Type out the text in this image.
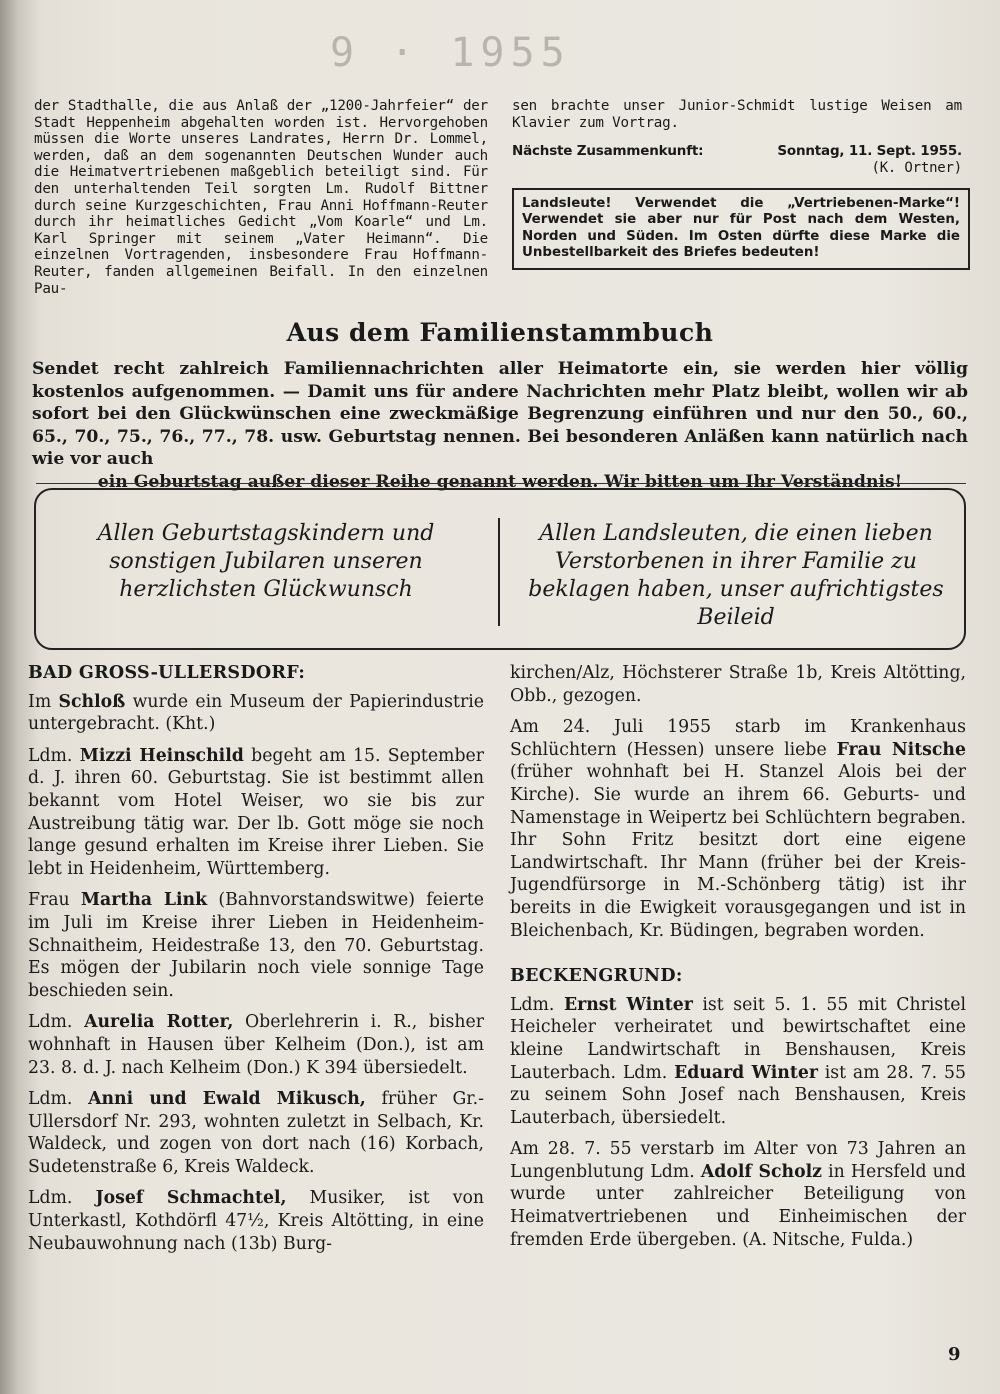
9 · 1955
der Stadthalle, die aus Anlaß der „1200-Jahrfeier“ der Stadt Heppenheim abgehalten worden ist. Hervorgehoben müssen die Worte unseres Landrates, Herrn Dr. Lommel, werden, daß an dem sogenannten Deutschen Wunder auch die Heimatvertriebenen maßgeblich beteiligt sind. Für den unterhaltenden Teil sorgten Lm. Rudolf Bittner durch seine Kurzgeschichten, Frau Anni Hoffmann-Reuter durch ihr heimatliches Gedicht „Vom Koarle“ und Lm. Karl Springer mit seinem „Vater Heimann“. Die einzelnen Vortragenden, insbesondere Frau Hoffmann-Reuter, fanden allgemeinen Beifall. In den einzelnen Pau-
sen brachte unser Junior-Schmidt lustige Weisen am Klavier zum Vortrag.
Nächste Zusammenkunft:	Sonntag, 11. Sept. 1955.
(K. Ortner)
Landsleute! Verwendet die „Vertriebenen-Marke“! Verwendet sie aber nur für Post nach dem Westen, Norden und Süden. Im Osten dürfte diese Marke die Unbestellbarkeit des Briefes bedeuten!
Aus dem Familienstammbuch
Sendet recht zahlreich Familiennachrichten aller Heimatorte ein, sie werden hier völlig kostenlos aufgenommen. — Damit uns für andere Nachrichten mehr Platz bleibt, wollen wir ab sofort bei den Glückwünschen eine zweckmäßige Begrenzung einführen und nur den 50., 60., 65., 70., 75., 76., 77., 78. usw. Geburtstag nennen. Bei besonderen Anläßen kann natürlich nach wie vor auch
ein Geburtstag außer dieser Reihe genannt werden. Wir bitten um Ihr Verständnis!
Allen Geburtstagskindern und sonstigen Jubilaren unseren herzlichsten Glückwunsch
Allen Landsleuten, die einen lieben Verstorbenen in ihrer Familie zu beklagen haben, unser aufrichtigstes Beileid
BAD GROSS-ULLERSDORF:

Im Schloß wurde ein Museum der Papierindustrie untergebracht. (Kht.)

Ldm. Mizzi Heinschild begeht am 15. September d. J. ihren 60. Geburtstag. Sie ist bestimmt allen bekannt vom Hotel Weiser, wo sie bis zur Austreibung tätig war. Der lb. Gott möge sie noch lange gesund erhalten im Kreise ihrer Lieben. Sie lebt in Heidenheim, Württemberg.

Frau Martha Link (Bahnvorstandswitwe) feierte im Juli im Kreise ihrer Lieben in Heidenheim-Schnaitheim, Heidestraße 13, den 70. Geburtstag. Es mögen der Jubilarin noch viele sonnige Tage beschieden sein.

Ldm. Aurelia Rotter, Oberlehrerin i. R., bisher wohnhaft in Hausen über Kelheim (Don.), ist am 23. 8. d. J. nach Kelheim (Don.) K 394 übersiedelt.

Ldm. Anni und Ewald Mikusch, früher Gr.-Ullersdorf Nr. 293, wohnten zuletzt in Selbach, Kr. Waldeck, und zogen von dort nach (16) Korbach, Sudetenstraße 6, Kreis Waldeck.

Ldm. Josef Schmachtel, Musiker, ist von Unterkastl, Kothdörfl 47½, Kreis Altötting, in eine Neubauwohnung nach (13b) Burg-

kirchen/Alz, Höchsterer Straße 1b, Kreis Altötting, Obb., gezogen.

Am 24. Juli 1955 starb im Krankenhaus Schlüchtern (Hessen) unsere liebe Frau Nitsche (früher wohnhaft bei H. Stanzel Alois bei der Kirche). Sie wurde an ihrem 66. Geburts- und Namenstage in Weipertz bei Schlüchtern begraben. Ihr Sohn Fritz besitzt dort eine eigene Landwirtschaft. Ihr Mann (früher bei der Kreis-Jugendfürsorge in M.-Schönberg tätig) ist ihr bereits in die Ewigkeit vorausgegangen und ist in Bleichenbach, Kr. Büdingen, begraben worden.

BECKENGRUND:

Ldm. Ernst Winter ist seit 5. 1. 55 mit Christel Heicheler verheiratet und bewirtschaftet eine kleine Landwirtschaft in Benshausen, Kreis Lauterbach. Ldm. Eduard Winter ist am 28. 7. 55 zu seinem Sohn Josef nach Benshausen, Kreis Lauterbach, übersiedelt.

Am 28. 7. 55 verstarb im Alter von 73 Jahren an Lungenblutung Ldm. Adolf Scholz in Hersfeld und wurde unter zahlreicher Beteiligung von Heimatvertriebenen und Einheimischen der fremden Erde übergeben. (A. Nitsche, Fulda.)

9
